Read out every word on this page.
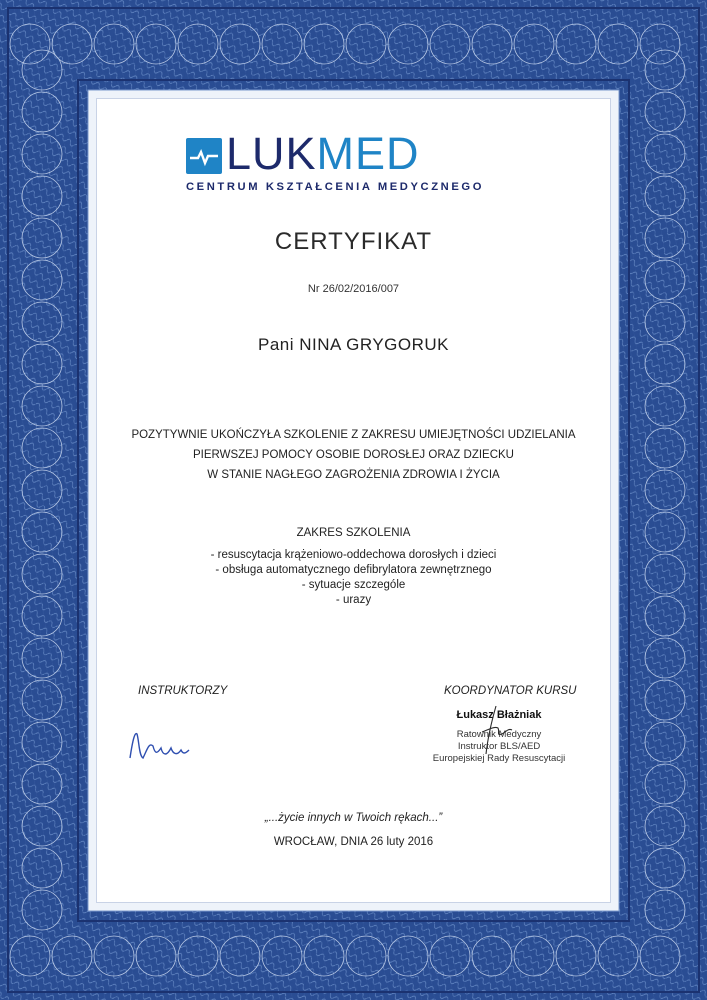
LUKMED
CENTRUM KSZTAŁCENIA MEDYCZNEGO
CERTYFIKAT
Nr 26/02/2016/007
Pani NINA GRYGORUK
POZYTYWNIE UKOŃCZYŁA SZKOLENIE Z ZAKRESU UMIEJĘTNOŚCI UDZIELANIA
PIERWSZEJ POMOCY OSOBIE DOROSŁEJ ORAZ DZIECKU
W STANIE NAGŁEGO ZAGROŻENIA ZDROWIA I ŻYCIA
ZAKRES SZKOLENIA
- resuscytacja krążeniowo-oddechowa dorosłych i dzieci
- obsługa automatycznego defibrylatora zewnętrznego
- sytuacje szczególe
- urazy
INSTRUKTORZY	KOORDYNATOR KURSU
Łukasz Błażniak
Ratownik Medyczny
Instruktor BLS/AED
Europejskiej Rady Resuscytacji
„...życie innych w Twoich rękach...”
WROCŁAW, DNIA 26 luty 2016
